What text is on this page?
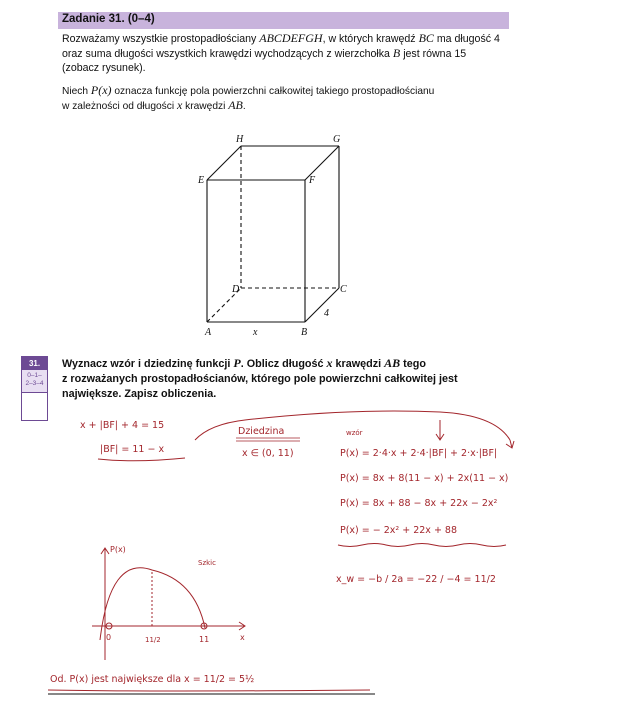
Zadanie 31. (0–4)
Rozważamy wszystkie prostopadłościany ABCDEFGH, w których krawędź BC ma długość 4
oraz suma długości wszystkich krawędzi wychodzących z wierzchołka B jest równa 15
(zobacz rysunek).
Niech P(x) oznacza funkcję pola powierzchni całkowitej takiego prostopadłościanu
w zależności od długości x krawędzi AB.
31.
0–1–
2–3–4
Wyznacz wzór i dziedzinę funkcji P. Oblicz długość x krawędzi AB tego
z rozważanych prostopadłościanów, którego pole powierzchni całkowitej jest
największe. Zapisz obliczenia.
H	G
E	F
D	C
A	B
x
4
x + |BF| + 4 = 15
|BF| = 11 − x
Dziedzina
x ∈ (0, 11)
wzór
P(x) = 2·4·x + 2·4·|BF| + 2·x·|BF|
P(x) = 8x + 8(11 − x) + 2x(11 − x)
P(x) = 8x + 88 − 8x + 22x − 2x²
P(x) = − 2x² + 22x + 88
x_w = −b / 2a = −22 / −4 = 11/2
P(x)
x
Szkic
0	11/2	11
Od. P(x) jest największe dla x = 11/2 = 5½
